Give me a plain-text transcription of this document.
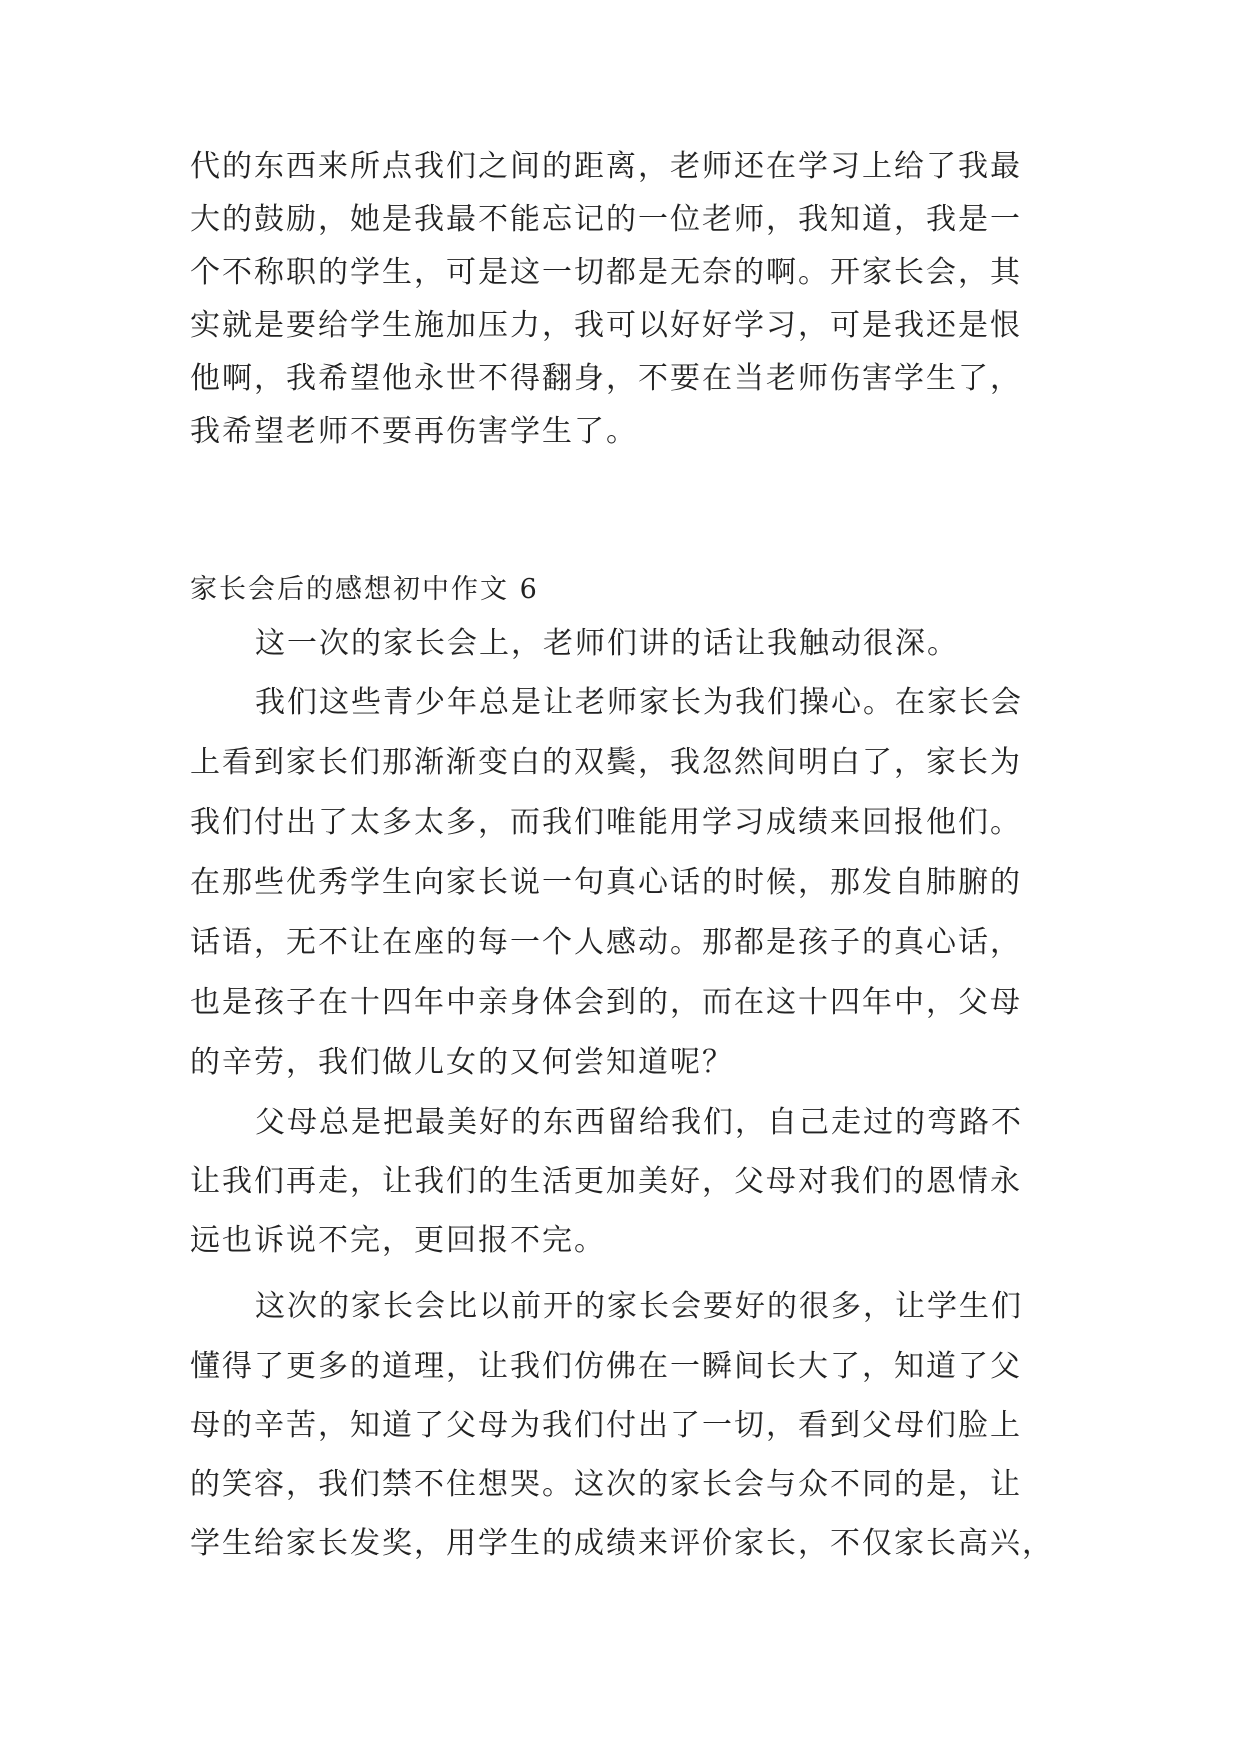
代的东西来所点我们之间的距离，老师还在学习上给了我最
大的鼓励，她是我最不能忘记的一位老师，我知道，我是一
个不称职的学生，可是这一切都是无奈的啊。开家长会，其
实就是要给学生施加压力，我可以好好学习，可是我还是恨
他啊，我希望他永世不得翻身，不要在当老师伤害学生了，
我希望老师不要再伤害学生了。
家长会后的感想初中作文 6
这一次的家长会上，老师们讲的话让我触动很深。
我们这些青少年总是让老师家长为我们操心。在家长会
上看到家长们那渐渐变白的双鬓，我忽然间明白了，家长为
我们付出了太多太多，而我们唯能用学习成绩来回报他们。
在那些优秀学生向家长说一句真心话的时候，那发自肺腑的
话语，无不让在座的每一个人感动。那都是孩子的真心话，
也是孩子在十四年中亲身体会到的，而在这十四年中，父母
的辛劳，我们做儿女的又何尝知道呢？
父母总是把最美好的东西留给我们，自己走过的弯路不
让我们再走，让我们的生活更加美好，父母对我们的恩情永
远也诉说不完，更回报不完。
这次的家长会比以前开的家长会要好的很多，让学生们
懂得了更多的道理，让我们仿佛在一瞬间长大了，知道了父
母的辛苦，知道了父母为我们付出了一切，看到父母们脸上
的笑容，我们禁不住想哭。这次的家长会与众不同的是，让
学生给家长发奖，用学生的成绩来评价家长，不仅家长高兴，
